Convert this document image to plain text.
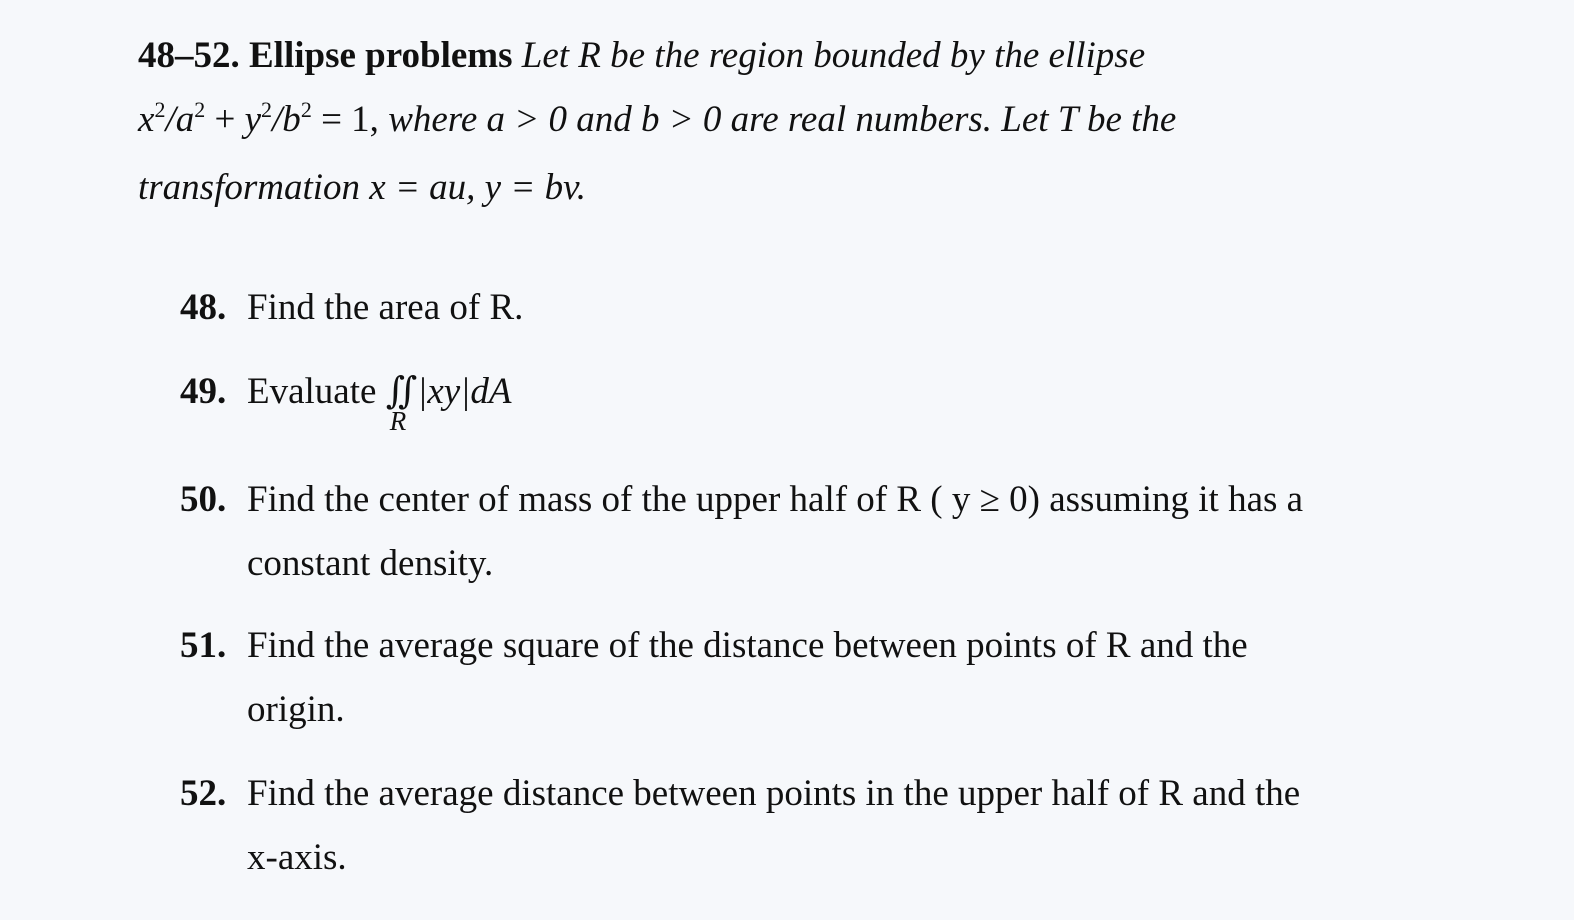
48–52. Ellipse problems Let R be the region bounded by the ellipse
$x^2/a^2 + y^2/b^2 = 1$, where a > 0 and b > 0 are real numbers. Let T be the
transformation x = au, y = bv.
48. Find the area of R.
49. Evaluate ∬|xy|dA
R
50. Find the center of mass of the upper half of R ( y ≥ 0) assuming it has a
constant density.
51. Find the average square of the distance between points of R and the
origin.
52. Find the average distance between points in the upper half of R and the
x-axis.
